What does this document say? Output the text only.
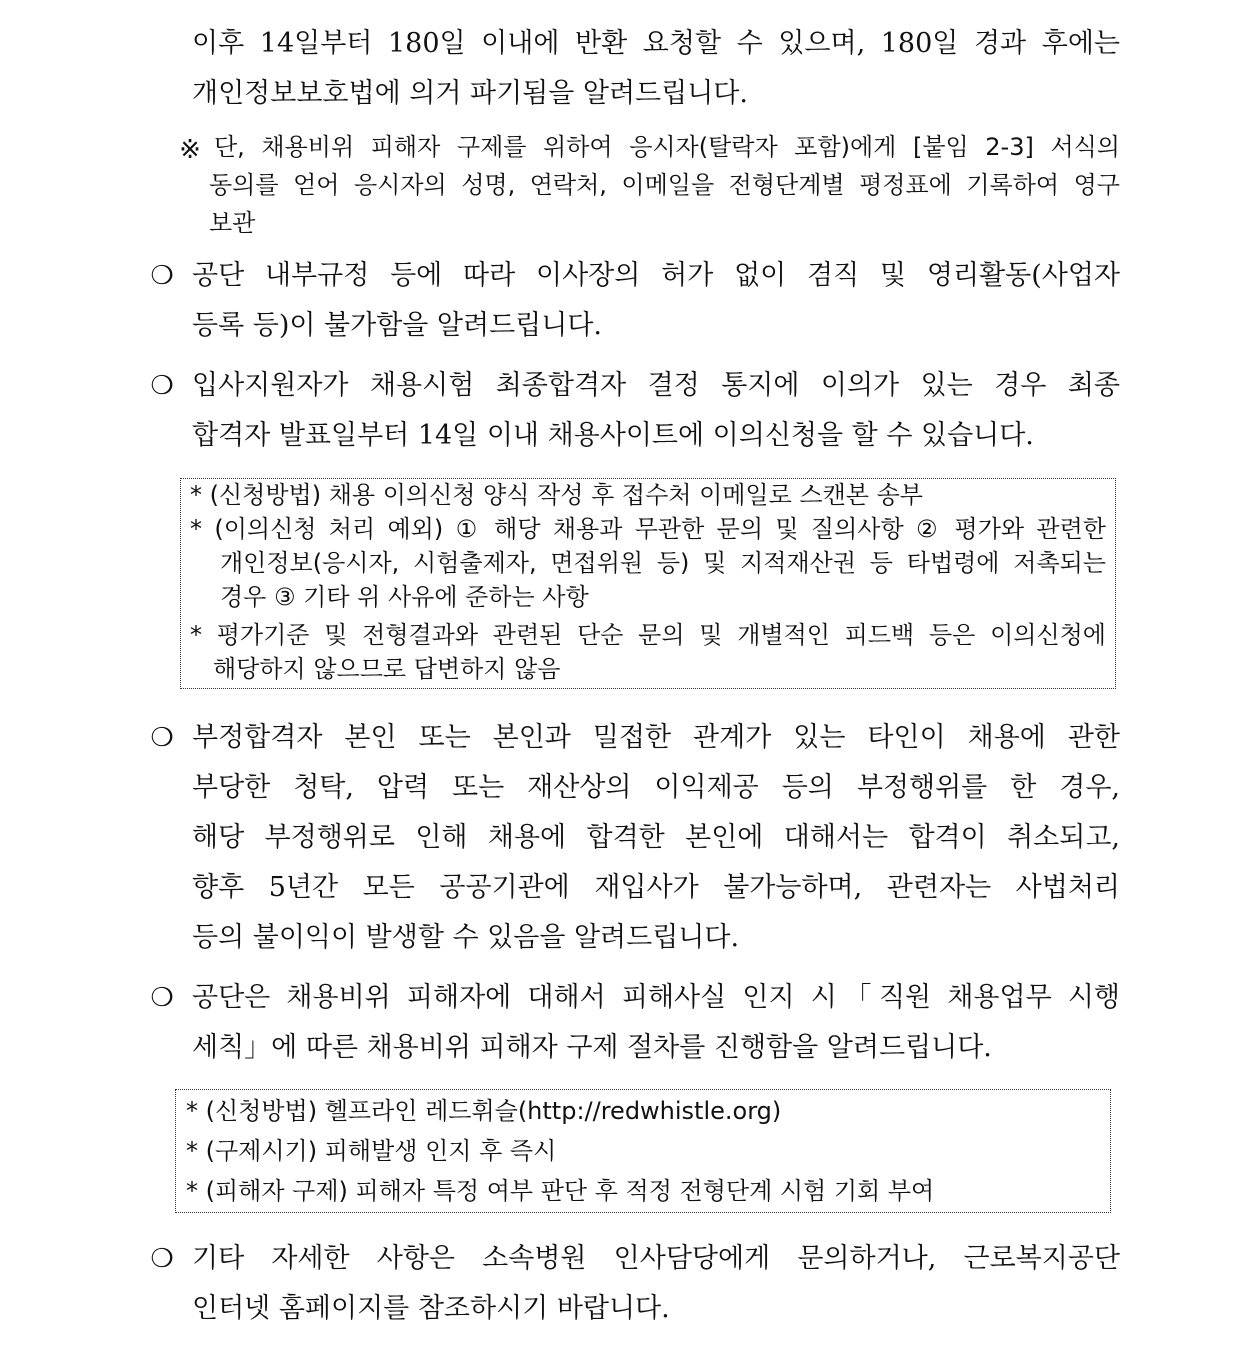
이후 14일부터 180일 이내에 반환 요청할 수 있으며, 180일 경과 후에는
개인정보보호법에 의거 파기됨을 알려드립니다.
※ 단, 채용비위 피해자 구제를 위하여 응시자(탈락자 포함)에게 [붙임 2-3] 서식의
동의를 얻어 응시자의 성명, 연락처, 이메일을 전형단계별 평정표에 기록하여 영구
보관
❍ 공단 내부규정 등에 따라 이사장의 허가 없이 겸직 및 영리활동(사업자
등록 등)이 불가함을 알려드립니다.
❍ 입사지원자가 채용시험 최종합격자 결정 통지에 이의가 있는 경우 최종
합격자 발표일부터 14일 이내 채용사이트에 이의신청을 할 수 있습니다.
* (신청방법) 채용 이의신청 양식 작성 후 접수처 이메일로 스캔본 송부
* (이의신청 처리 예외) ① 해당 채용과 무관한 문의 및 질의사항 ② 평가와 관련한
개인정보(응시자, 시험출제자, 면접위원 등) 및 지적재산권 등 타법령에 저촉되는
경우 ③ 기타 위 사유에 준하는 사항
* 평가기준 및 전형결과와 관련된 단순 문의 및 개별적인 피드백 등은 이의신청에
해당하지 않으므로 답변하지 않음
❍ 부정합격자 본인 또는 본인과 밀접한 관계가 있는 타인이 채용에 관한
부당한 청탁, 압력 또는 재산상의 이익제공 등의 부정행위를 한 경우,
해당 부정행위로 인해 채용에 합격한 본인에 대해서는 합격이 취소되고,
향후 5년간 모든 공공기관에 재입사가 불가능하며, 관련자는 사법처리
등의 불이익이 발생할 수 있음을 알려드립니다.
❍ 공단은 채용비위 피해자에 대해서 피해사실 인지 시「직원 채용업무 시행
세칙」에 따른 채용비위 피해자 구제 절차를 진행함을 알려드립니다.
* (신청방법) 헬프라인 레드휘슬(http://redwhistle.org)
* (구제시기) 피해발생 인지 후 즉시
* (피해자 구제) 피해자 특정 여부 판단 후 적정 전형단계 시험 기회 부여
❍ 기타 자세한 사항은 소속병원 인사담당에게 문의하거나, 근로복지공단
인터넷 홈페이지를 참조하시기 바랍니다.
